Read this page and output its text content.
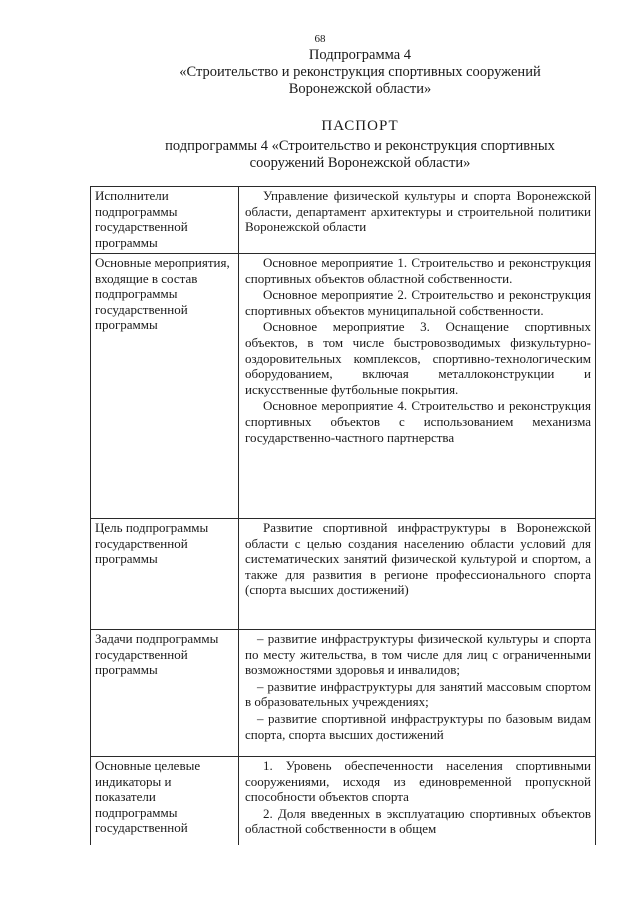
68
Подпрограмма 4
«Строительство и реконструкция спортивных сооружений
Воронежской области»
ПАСПОРТ
подпрограммы 4 «Строительство и реконструкция спортивных
сооружений Воронежской области»
Исполнители подпрограммы государственной программы	Управление физической культуры и спорта Воронежской области, департамент архитектуры и строительной политики Воронежской области

Основные мероприятия, входящие в состав подпрограммы государственной программы	Основное мероприятие 1. Строительство и реконструкция спортивных объектов областной собственности.

Основное мероприятие 2. Строительство и реконструкция спортивных объектов муниципальной собственности.

Основное мероприятие 3. Оснащение спортивных объектов, в том числе быстровозводимых физкультурно-оздоровительных комплексов, спортивно-технологическим оборудованием, включая металлоконструкции и искусственные футбольные покрытия.

Основное мероприятие 4. Строительство и реконструкция спортивных объектов с использованием механизма государственно-частного партнерства

Цель подпрограммы государственной программы	Развитие спортивной инфраструктуры в Воронежской области с целью создания населению области условий для систематических занятий физической культурой и спортом, а также для развития в регионе профессионального спорта (спорта высших достижений)

Задачи подпрограммы государственной программы	– развитие инфраструктуры физической культуры и спорта по месту жительства, в том числе для лиц с ограниченными возможностями здоровья и инвалидов;

– развитие инфраструктуры для занятий массовым спортом в образовательных учреждениях;

– развитие спортивной инфраструктуры по базовым видам спорта, спорта высших достижений

Основные целевые индикаторы и показатели подпрограммы государственной	1. Уровень обеспеченности населения спортивными сооружениями, исходя из единовременной пропускной способности объектов спорта

2. Доля введенных в эксплуатацию спортивных объектов областной собственности в общем
